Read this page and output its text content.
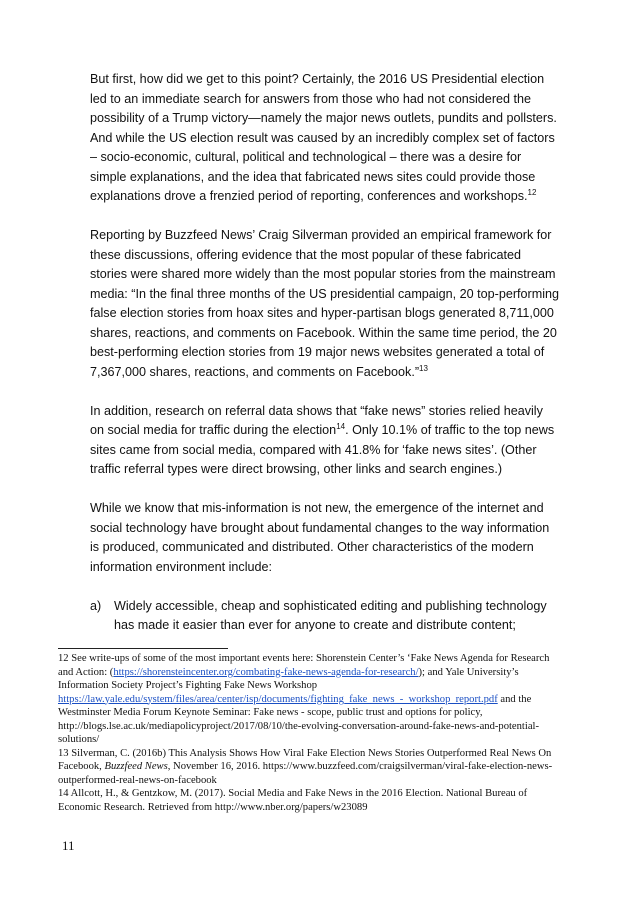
But first, how did we get to this point? Certainly, the 2016 US Presidential election led to an immediate search for answers from those who had not considered the possibility of a Trump victory—namely the major news outlets, pundits and pollsters. And while the US election result was caused by an incredibly complex set of factors – socio-economic, cultural, political and technological – there was a desire for simple explanations, and the idea that fabricated news sites could provide those explanations drove a frenzied period of reporting, conferences and workshops.$^{12}$

Reporting by Buzzfeed News’ Craig Silverman provided an empirical framework for these discussions, offering evidence that the most popular of these fabricated stories were shared more widely than the most popular stories from the mainstream media: “In the final three months of the US presidential campaign, 20 top-performing false election stories from hoax sites and hyper-partisan blogs generated 8,711,000 shares, reactions, and comments on Facebook. Within the same time period, the 20 best-performing election stories from 19 major news websites generated a total of 7,367,000 shares, reactions, and comments on Facebook.”$^{13}$

In addition, research on referral data shows that “fake news” stories relied heavily on social media for traffic during the election$^{14}$. Only 10.1% of traffic to the top news sites came from social media, compared with 41.8% for ‘fake news sites’. (Other traffic referral types were direct browsing, other links and search engines.)

While we know that mis-information is not new, the emergence of the internet and social technology have brought about fundamental changes to the way information is produced, communicated and distributed. Other characteristics of the modern information environment include:

a) Widely accessible, cheap and sophisticated editing and publishing technology has made it easier than ever for anyone to create and distribute content;

12 See write-ups of some of the most important events here: Shorenstein Center’s ‘Fake News Agenda for Research and Action: (https://shorensteincenter.org/combating-fake-news-agenda-for-research/); and Yale University’s Information Society Project’s Fighting Fake News Workshop https://law.yale.edu/system/files/area/center/isp/documents/fighting_fake_news_-_workshop_report.pdf and the Westminster Media Forum Keynote Seminar: Fake news - scope, public trust and options for policy, http://blogs.lse.ac.uk/mediapolicyproject/2017/08/10/the-evolving-conversation-around-fake-news-and-potential-solutions/

13 Silverman, C. (2016b) This Analysis Shows How Viral Fake Election News Stories Outperformed Real News On Facebook, Buzzfeed News, November 16, 2016. https://www.buzzfeed.com/craigsilverman/viral-fake-election-news-outperformed-real-news-on-facebook

14 Allcott, H., & Gentzkow, M. (2017). Social Media and Fake News in the 2016 Election. National Bureau of Economic Research. Retrieved from http://www.nber.org/papers/w23089

11
